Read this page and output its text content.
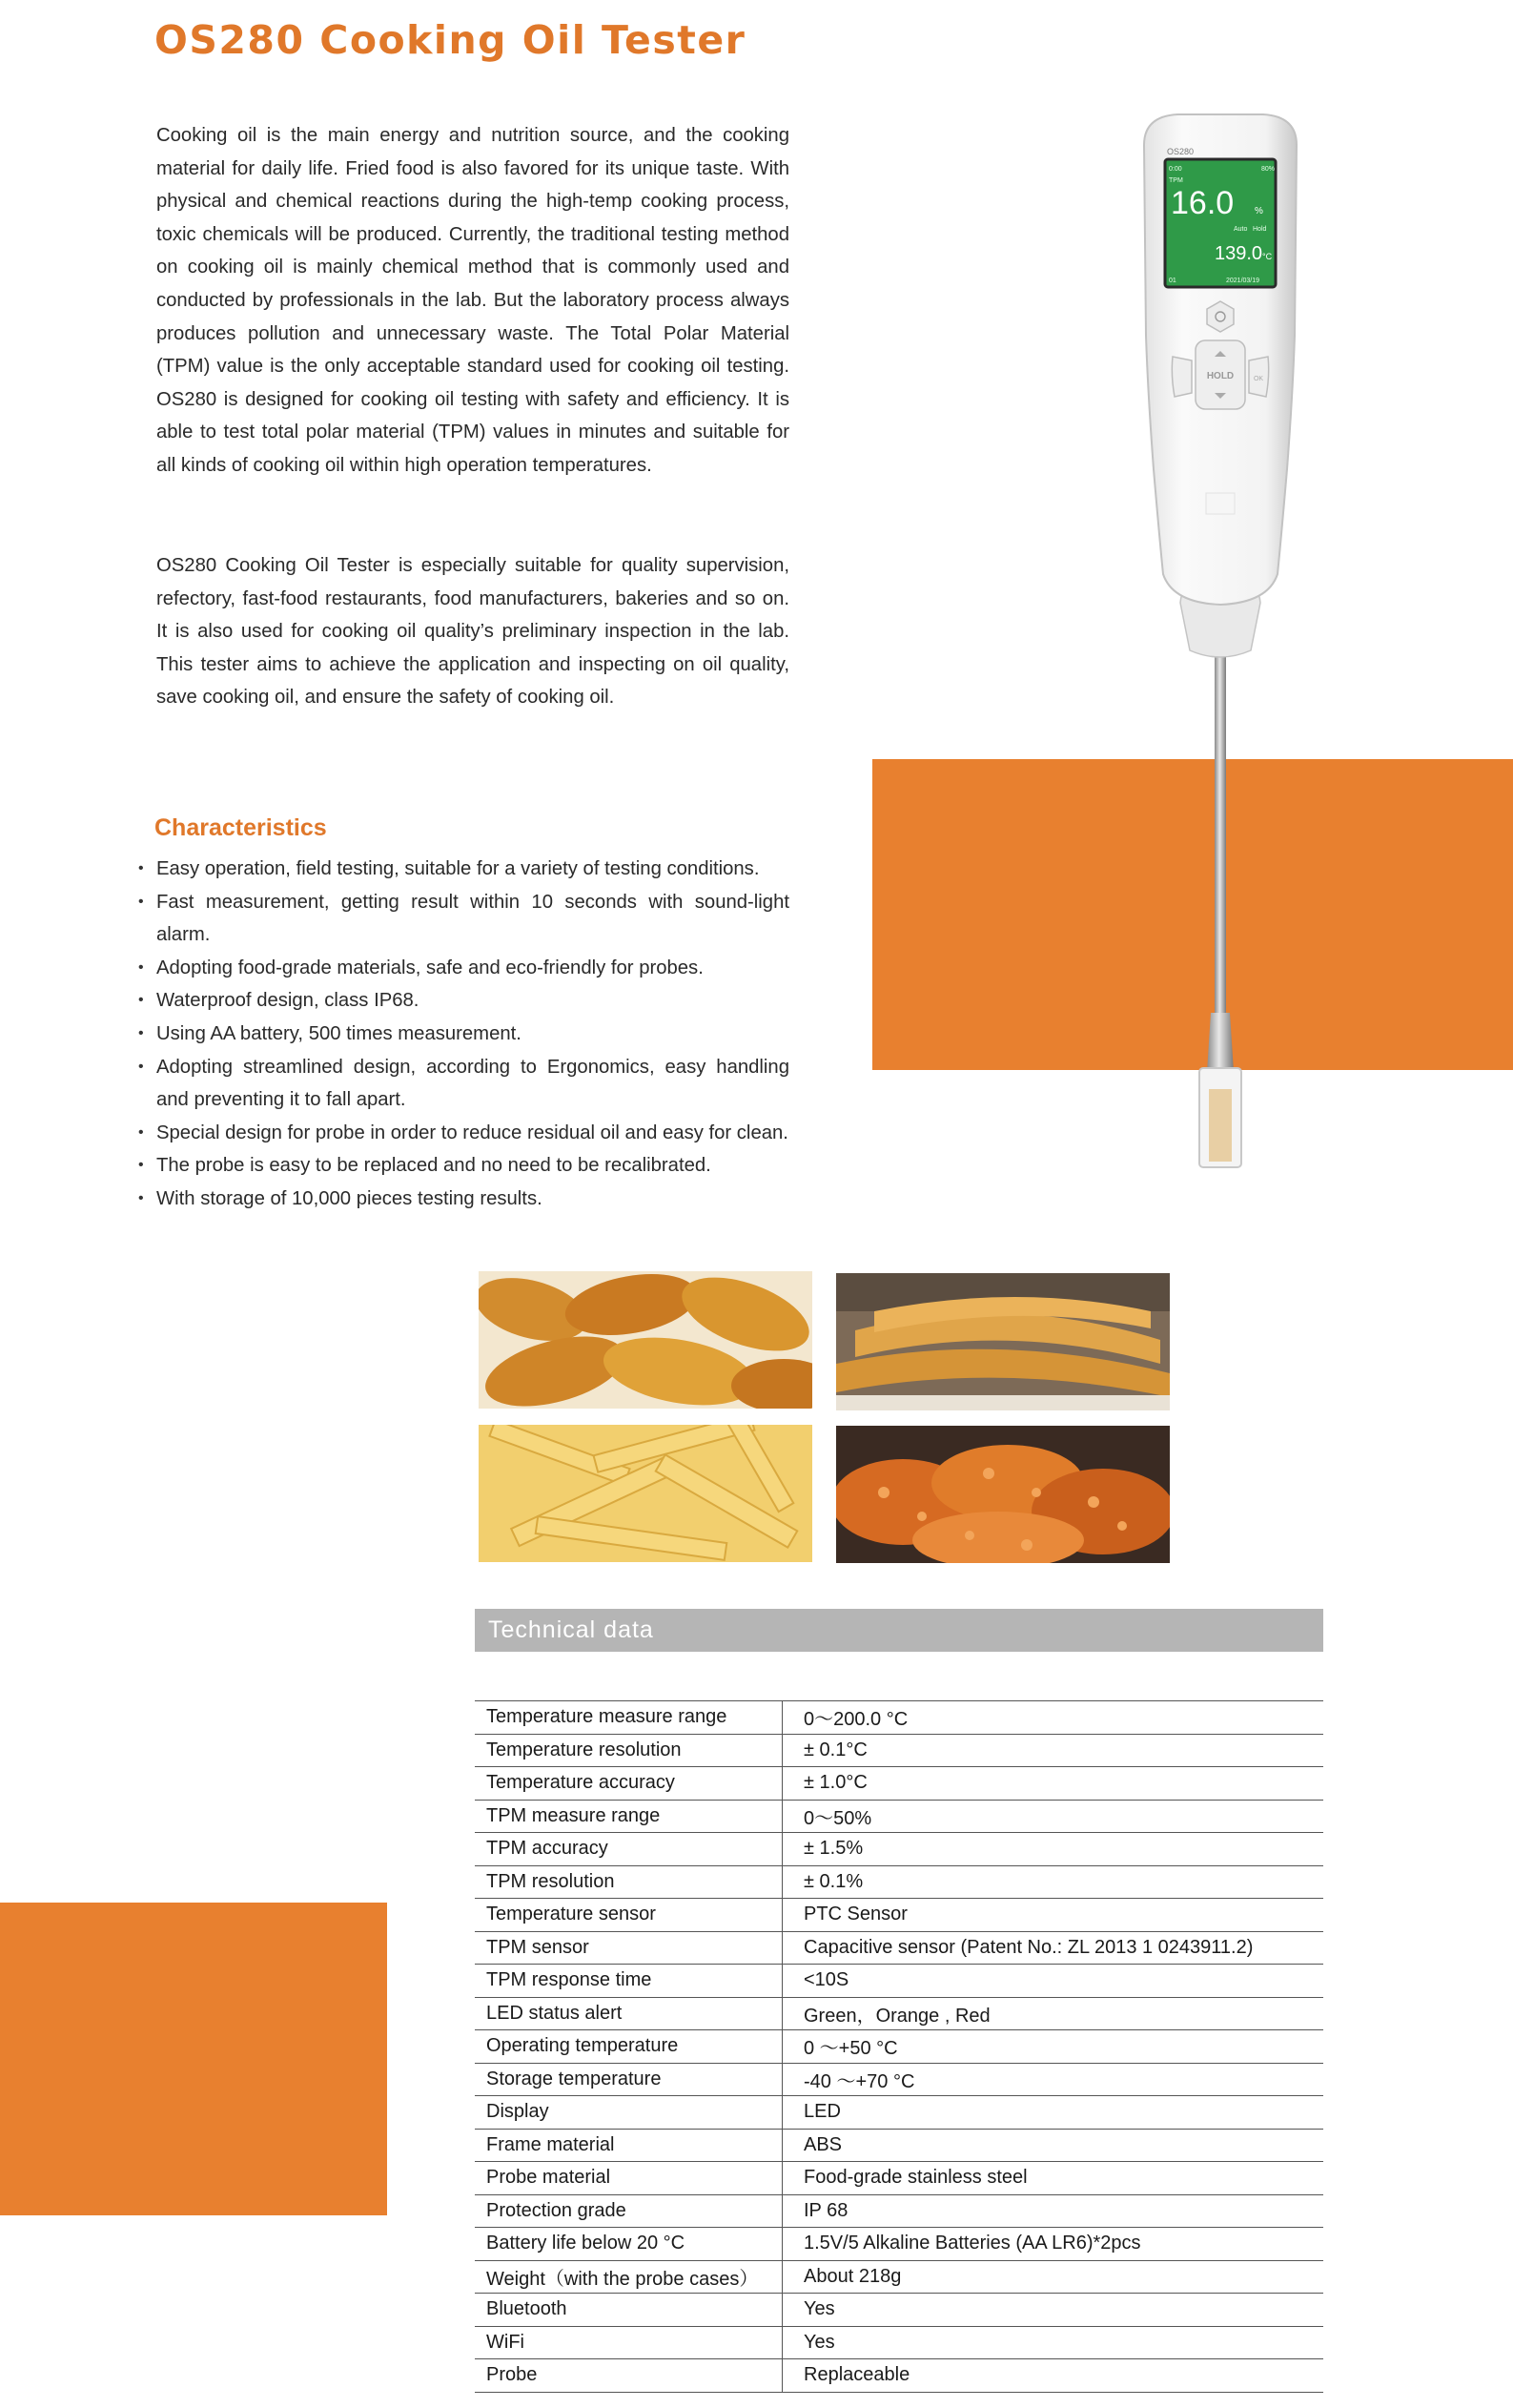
OS280 Cooking Oil Tester

Cooking oil is the main energy and nutrition source, and the cooking material for daily life. Fried food is also favored for its unique taste. With physical and chemical reactions during the high-temp cooking process, toxic chemicals will be produced. Currently, the traditional testing method on cooking oil is mainly chemical method that is commonly used and conducted by professionals in the lab. But the laboratory process always produces pollution and unnecessary waste. The Total Polar Material (TPM) value is the only acceptable standard used for cooking oil testing. OS280 is designed for cooking oil testing with safety and efficiency. It is able to test total polar material (TPM) values in minutes and suitable for all kinds of cooking oil within high operation temperatures.

OS280 Cooking Oil Tester is especially suitable for quality supervision, refectory, fast-food restaurants, food manufacturers, bakeries and so on. It is also used for cooking oil quality’s preliminary inspection in the lab. This tester aims to achieve the application and inspecting on oil quality, save cooking oil, and ensure the safety of cooking oil.

OS280
0:00	80%
TPM
16.0 %
Auto Hold
139.0 °C
01	2021/03/19
HOLD	OK
Characteristics
• Easy operation, field testing, suitable for a variety of testing conditions.
• Fast measurement, getting result within 10 seconds with sound-light alarm.
• Adopting food-grade materials, safe and eco-friendly for probes.
• Waterproof design, class IP68.
• Using AA battery, 500 times measurement.
• Adopting streamlined design, according to Ergonomics, easy handling and preventing it to fall apart.
• Special design for probe in order to reduce residual oil and easy for clean.
• The probe is easy to be replaced and no need to be recalibrated.
• With storage of 10,000 pieces testing results.
Technical data
Temperature measure range	0～200.0 °C
Temperature resolution	± 0.1°C
Temperature accuracy	± 1.0°C
TPM measure range	0～50%
TPM accuracy	± 1.5%
TPM resolution	± 0.1%
Temperature sensor	PTC Sensor
TPM sensor	Capacitive sensor (Patent No.: ZL 2013 1 0243911.2)
TPM response time	<10S
LED status alert	Green，Orange , Red
Operating temperature	0 ～+50 °C
Storage temperature	-40 ～+70 °C
Display	LED
Frame material	ABS
Probe material	Food-grade stainless steel
Protection grade	IP 68
Battery life below 20 °C	1.5V/5 Alkaline Batteries (AA LR6)*2pcs
Weight（with the probe cases）	About 218g
Bluetooth	Yes
WiFi	Yes
Probe	Replaceable
